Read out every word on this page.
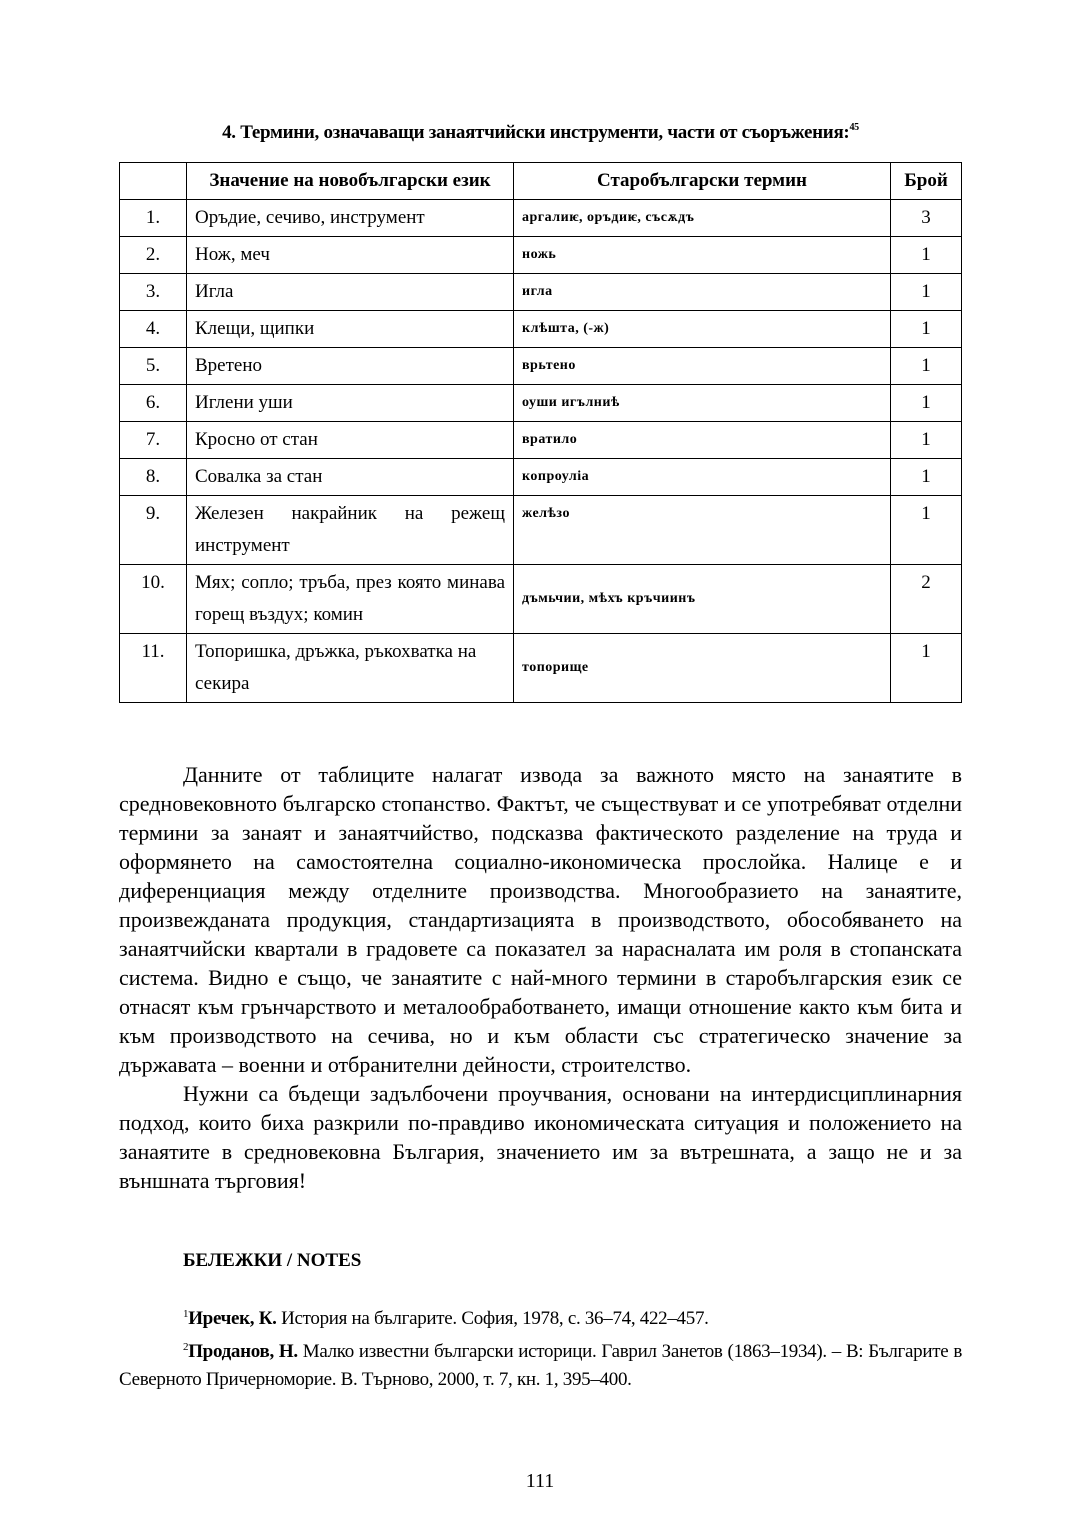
4. Термини, означаващи занаятчийски инструменти, части от съоръжения:$^{45}$
	Значение на новобългарски език	Старобългарски термин	Брой
1.	Оръдие, сечиво, инструмент	аргалиѥ, оръдиѥ, съсѫдъ	3
2.	Нож, меч	ножь	1
3.	Игла	игла	1
4.	Клещи, щипки	клѣшта, (-ж)	1
5.	Вретено	врьтено	1
6.	Иглени уши	оуши игълниѣ	1
7.	Кросно от стан	вратило	1
8.	Совалка за стан	копроуліа	1
9.	Железен накрайник на режещ инструмент	желѣзо	1
10.	Мях; сопло; тръба, през която минава горещ въздух; комин	дъмьчии, мѣхъ кръчиинъ	2
11.	Топоришка, дръжка, ръкохватка на секира	топорище	1

Данните от таблиците налагат извода за важното място на занаятите в средновековното българско стопанство. Фактът, че съществуват и се употребяват отделни термини за занаят и занаятчийство, подсказва фактическото разделение на труда и оформянето на самостоятелна социално-икономическа прослойка. Налице е и диференциация между отделните производства. Многообразието на занаятите, произвежданата продукция, стандартизацията в производството, обособяването на занаятчийски квартали в градовете са показател за нарасналата им роля в стопанската система. Видно е също, че занаятите с най-много термини в старобългарския език се отнасят към грънчарството и металообработването, имащи отношение както към бита и към производството на сечива, но и към области със стратегическо значение за държавата – военни и отбранителни дейности, строителство.

Нужни са бъдещи задълбочени проучвания, основани на интердисциплинарния подход, които биха разкрили по-правдиво икономическата ситуация и положението на занаятите в средновековна България, значението им за вътрешната, а защо не и за външната търговия!

БЕЛЕЖКИ / NOTES

$^1$Иречек, К. История на българите. София, 1978, с. 36–74, 422–457.

$^2$Проданов, Н. Малко известни български историци. Гаврил Занетов (1863–1934). – В: Българите в Северното Причерноморие. В. Търново, 2000, т. 7, кн. 1, 395–400.

111
